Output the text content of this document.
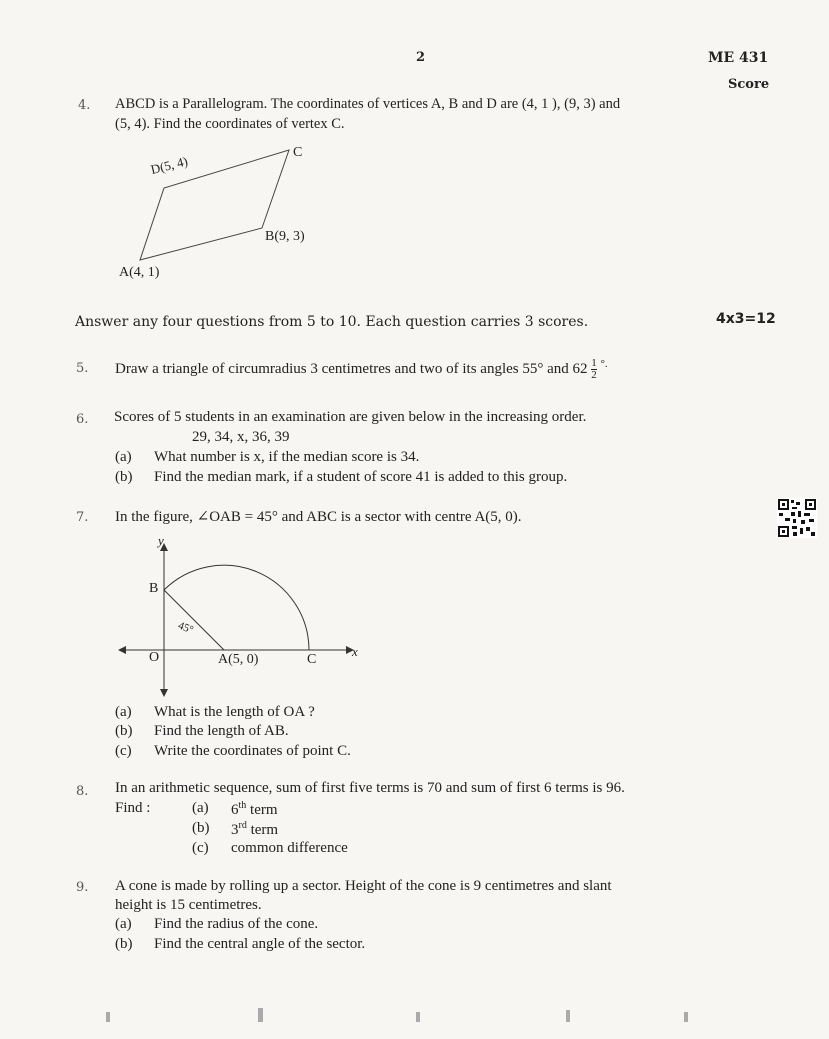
2	ME 431
Score
4. ABCD is a Parallelogram. The coordinates of vertices A, B and D are (4, 1 ), (9, 3) and
(5, 4). Find the coordinates of vertex C.
C
D(5, 4)
B(9, 3)
A(4, 1)
Answer any four questions from 5 to 10. Each question carries 3 scores.	4x3=12
5. Draw a triangle of circumradius 3 centimetres and two of its angles 55° and $62 \frac{1}{2} ^{^\circ.}$
6. Scores of 5 students in an examination are given below in the increasing order.
29, 34, x, 36, 39
(a) What number is x, if the median score is 34.
(b) Find the median mark, if a student of score 41 is added to this group.
7. In the figure, ∠OAB = 45° and ABC is a sector with centre A(5, 0).
y
x
B
O	A(5, 0)	C
45°
(a) What is the length of OA ?
(b) Find the length of AB.
(c) Write the coordinates of point C.
8. In an arithmetic sequence, sum of first five terms is 70 and sum of first 6 terms is 96.
Find :	(a) 6th term
(b) 3rd term
(c) common difference
9. A cone is made by rolling up a sector. Height of the cone is 9 centimetres and slant
height is 15 centimetres.
(a) Find the radius of the cone.
(b) Find the central angle of the sector.
